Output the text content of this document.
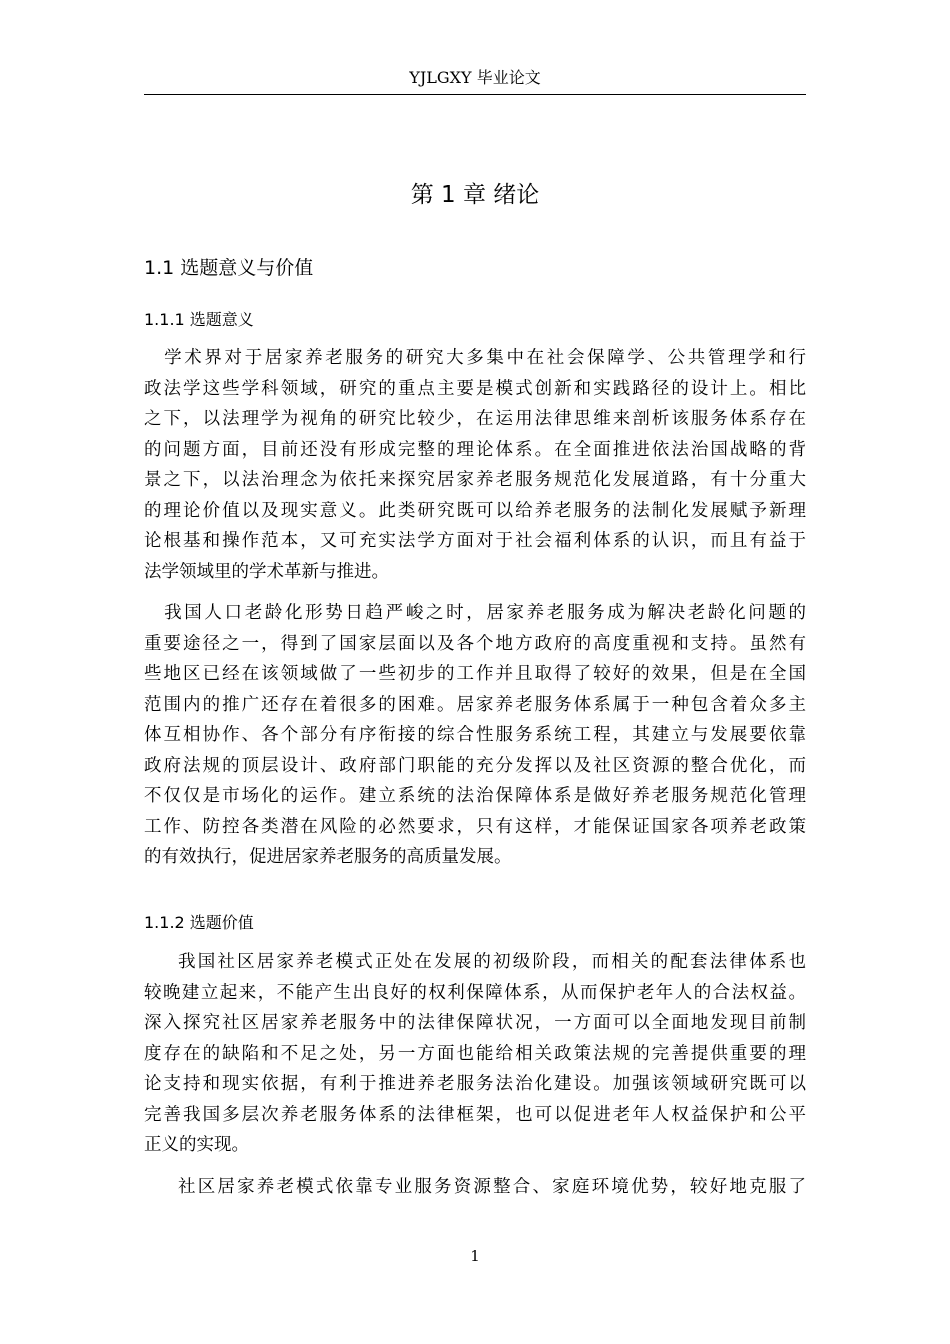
YJLGXY 毕业论文
第 1 章 绪论
1.1 选题意义与价值
1.1.1 选题意义
　学术界对于居家养老服务的研究大多集中在社会保障学、公共管理学和行
政法学这些学科领域，研究的重点主要是模式创新和实践路径的设计上。相比
之下，以法理学为视角的研究比较少，在运用法律思维来剖析该服务体系存在
的问题方面，目前还没有形成完整的理论体系。在全面推进依法治国战略的背
景之下，以法治理念为依托来探究居家养老服务规范化发展道路，有十分重大
的理论价值以及现实意义。此类研究既可以给养老服务的法制化发展赋予新理
论根基和操作范本，又可充实法学方面对于社会福利体系的认识，而且有益于
法学领域里的学术革新与推进。
　我国人口老龄化形势日趋严峻之时，居家养老服务成为解决老龄化问题的
重要途径之一，得到了国家层面以及各个地方政府的高度重视和支持。虽然有
些地区已经在该领域做了一些初步的工作并且取得了较好的效果，但是在全国
范围内的推广还存在着很多的困难。居家养老服务体系属于一种包含着众多主
体互相协作、各个部分有序衔接的综合性服务系统工程，其建立与发展要依靠
政府法规的顶层设计、政府部门职能的充分发挥以及社区资源的整合优化，而
不仅仅是市场化的运作。建立系统的法治保障体系是做好养老服务规范化管理
工作、防控各类潜在风险的必然要求，只有这样，才能保证国家各项养老政策
的有效执行，促进居家养老服务的高质量发展。
1.1.2 选题价值
我国社区居家养老模式正处在发展的初级阶段，而相关的配套法律体系也
较晚建立起来，不能产生出良好的权利保障体系，从而保护老年人的合法权益。
深入探究社区居家养老服务中的法律保障状况，一方面可以全面地发现目前制
度存在的缺陷和不足之处，另一方面也能给相关政策法规的完善提供重要的理
论支持和现实依据，有利于推进养老服务法治化建设。加强该领域研究既可以
完善我国多层次养老服务体系的法律框架，也可以促进老年人权益保护和公平
正义的实现。
社区居家养老模式依靠专业服务资源整合、家庭环境优势，较好地克服了
1
